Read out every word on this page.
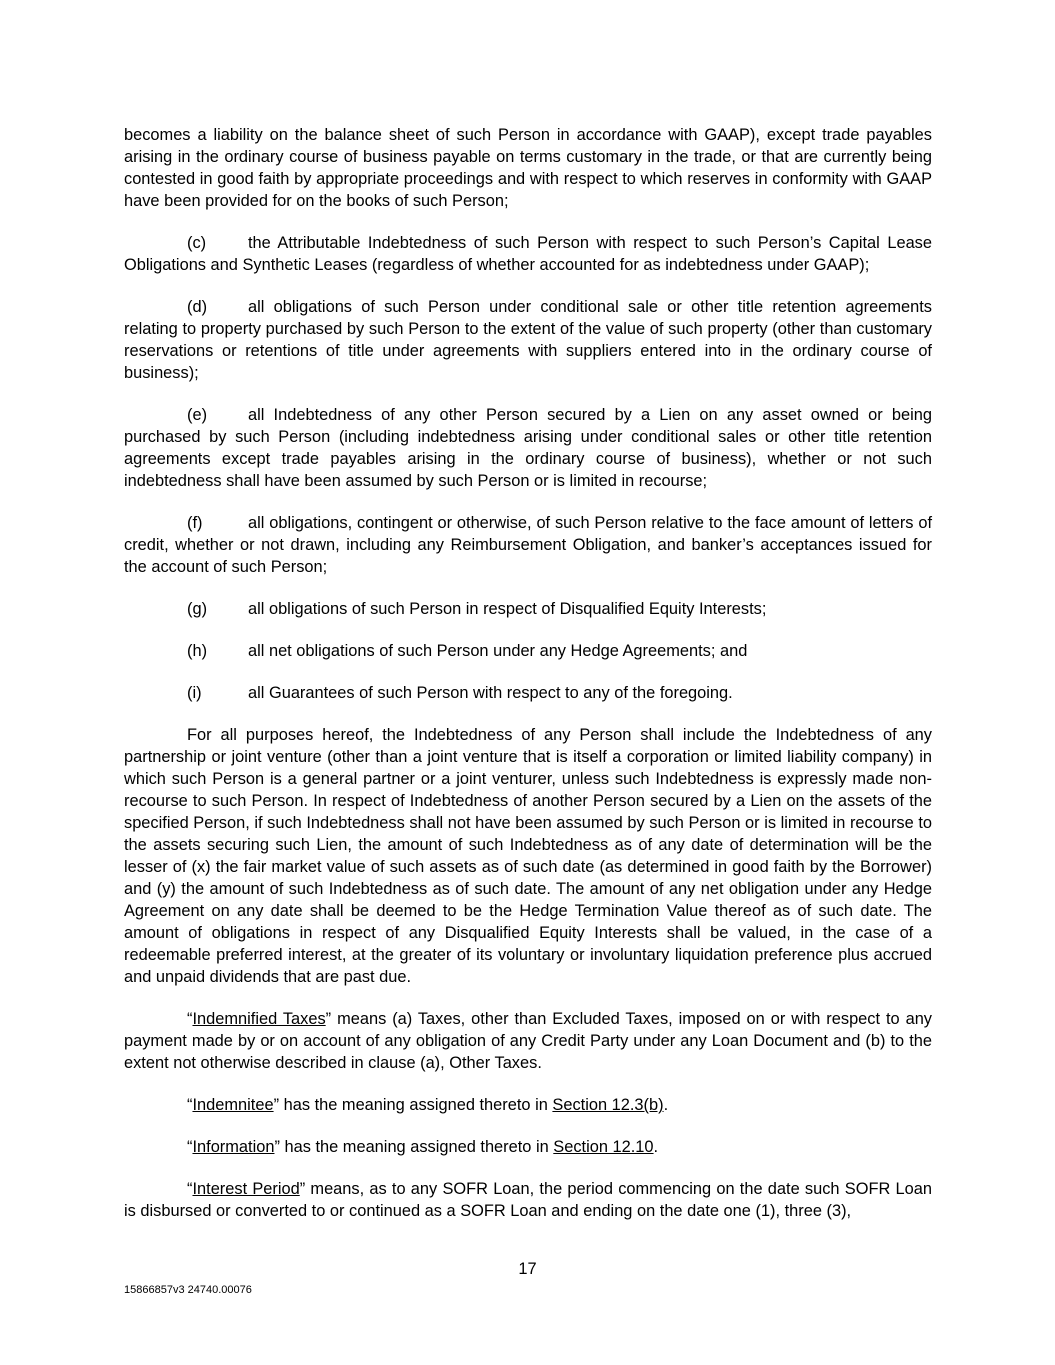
becomes a liability on the balance sheet of such Person in accordance with GAAP), except trade payables arising in the ordinary course of business payable on terms customary in the trade, or that are currently being contested in good faith by appropriate proceedings and with respect to which reserves in conformity with GAAP have been provided for on the books of such Person;

(c)	the Attributable Indebtedness of such Person with respect to such Person’s Capital Lease Obligations and Synthetic Leases (regardless of whether accounted for as indebtedness under GAAP);

(d) all obligations of such Person under conditional sale or other title retention agreements relating to property purchased by such Person to the extent of the value of such property (other than customary reservations or retentions of title under agreements with suppliers entered into in the ordinary course of business);

(e) all Indebtedness of any other Person secured by a Lien on any asset owned or being purchased by such Person (including indebtedness arising under conditional sales or other title retention agreements except trade payables arising in the ordinary course of business), whether or not such indebtedness shall have been assumed by such Person or is limited in recourse;

(f)	all obligations, contingent or otherwise, of such Person relative to the face amount of letters of credit, whether or not drawn, including any Reimbursement Obligation, and banker’s acceptances issued for the account of such Person;

(g) all obligations of such Person in respect of Disqualified Equity Interests;

(h) all net obligations of such Person under any Hedge Agreements; and

(i)	all Guarantees of such Person with respect to any of the foregoing.

For all purposes hereof, the Indebtedness of any Person shall include the Indebtedness of any partnership or joint venture (other than a joint venture that is itself a corporation or limited liability company) in which such Person is a general partner or a joint venturer, unless such Indebtedness is expressly made non-recourse to such Person. In respect of Indebtedness of another Person secured by a Lien on the assets of the specified Person, if such Indebtedness shall not have been assumed by such Person or is limited in recourse to the assets securing such Lien, the amount of such Indebtedness as of any date of determination will be the lesser of (x) the fair market value of such assets as of such date (as determined in good faith by the Borrower) and (y) the amount of such Indebtedness as of such date. The amount of any net obligation under any Hedge Agreement on any date shall be deemed to be the Hedge Termination Value thereof as of such date. The amount of obligations in respect of any Disqualified Equity Interests shall be valued, in the case of a redeemable preferred interest, at the greater of its voluntary or involuntary liquidation preference plus accrued and unpaid dividends that are past due.

“Indemnified Taxes” means (a) Taxes, other than Excluded Taxes, imposed on or with respect to any payment made by or on account of any obligation of any Credit Party under any Loan Document and (b) to the extent not otherwise described in clause (a), Other Taxes.

“Indemnitee” has the meaning assigned thereto in Section 12.3(b).

“Information” has the meaning assigned thereto in Section 12.10.

“Interest Period” means, as to any SOFR Loan, the period commencing on the date such SOFR Loan is disbursed or converted to or continued as a SOFR Loan and ending on the date one (1), three (3),

17
15866857v3 24740.00076
